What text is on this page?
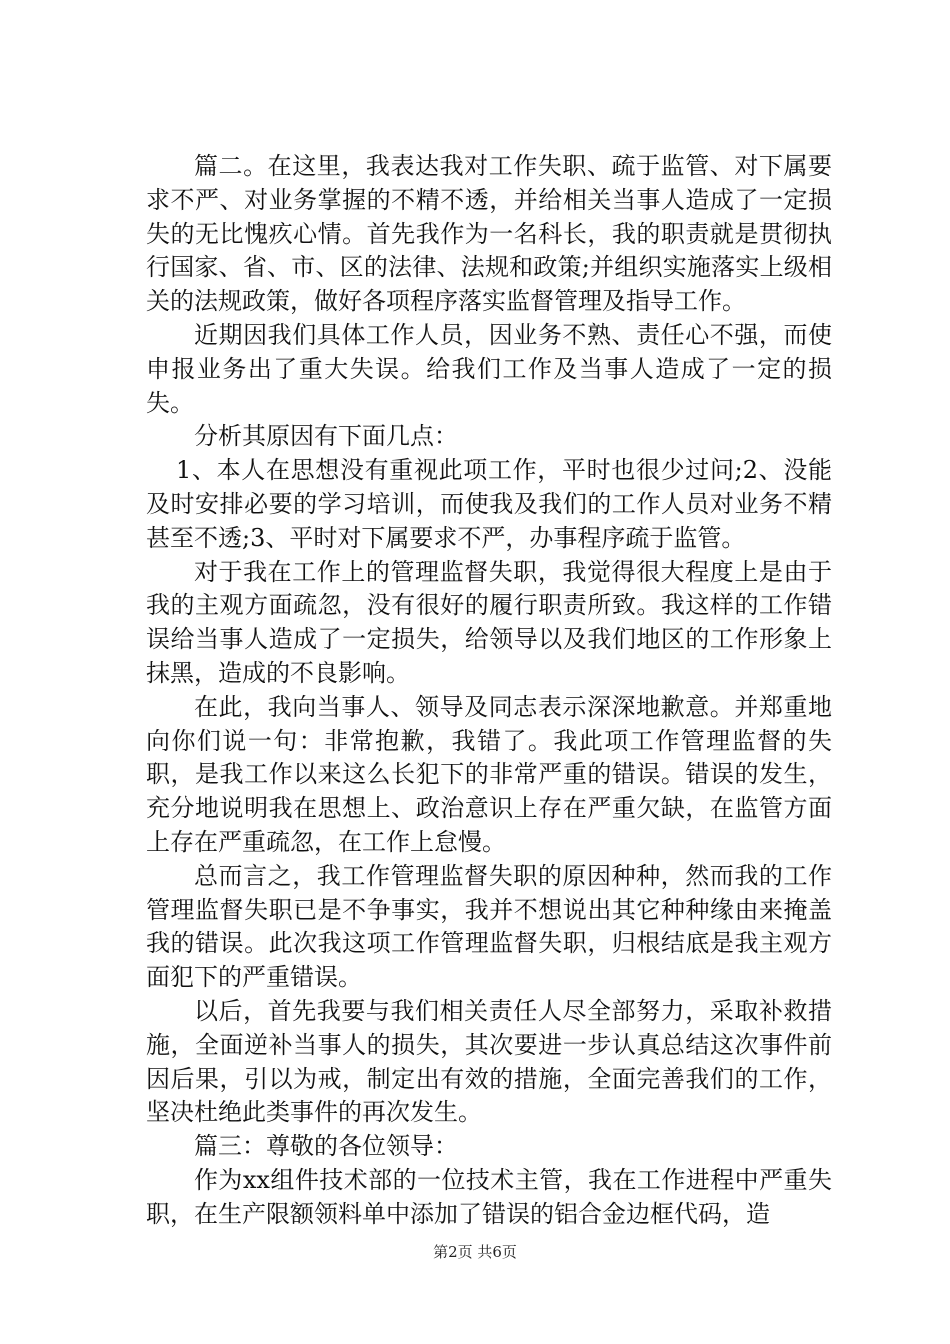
篇二。在这里，我表达我对工作失职、疏于监管、对下属要求不严、对业务掌握的不精不透，并给相关当事人造成了一定损失的无比愧疚心情。首先我作为一名科长，我的职责就是贯彻执行国家、省、市、区的法律、法规和政策;并组织实施落实上级相关的法规政策，做好各项程序落实监督管理及指导工作。

近期因我们具体工作人员，因业务不熟、责任心不强，而使申报业务出了重大失误。给我们工作及当事人造成了一定的损失。

分析其原因有下面几点：

1、本人在思想没有重视此项工作，平时也很少过问;2、没能及时安排必要的学习培训，而使我及我们的工作人员对业务不精甚至不透;3、平时对下属要求不严，办事程序疏于监管。

对于我在工作上的管理监督失职，我觉得很大程度上是由于我的主观方面疏忽，没有很好的履行职责所致。我这样的工作错误给当事人造成了一定损失，给领导以及我们地区的工作形象上抹黑，造成的不良影响。

在此，我向当事人、领导及同志表示深深地歉意。并郑重地向你们说一句：非常抱歉，我错了。我此项工作管理监督的失职，是我工作以来这么长犯下的非常严重的错误。错误的发生，充分地说明我在思想上、政治意识上存在严重欠缺，在监管方面上存在严重疏忽，在工作上怠慢。

总而言之，我工作管理监督失职的原因种种，然而我的工作管理监督失职已是不争事实，我并不想说出其它种种缘由来掩盖我的错误。此次我这项工作管理监督失职，归根结底是我主观方面犯下的严重错误。

以后，首先我要与我们相关责任人尽全部努力，采取补救措施，全面逆补当事人的损失，其次要进一步认真总结这次事件前因后果，引以为戒，制定出有效的措施，全面完善我们的工作，坚决杜绝此类事件的再次发生。

篇三：尊敬的各位领导：

作为xx组件技术部的一位技术主管，我在工作进程中严重失职，在生产限额领料单中添加了错误的铝合金边框代码，造

第2页 共6页
